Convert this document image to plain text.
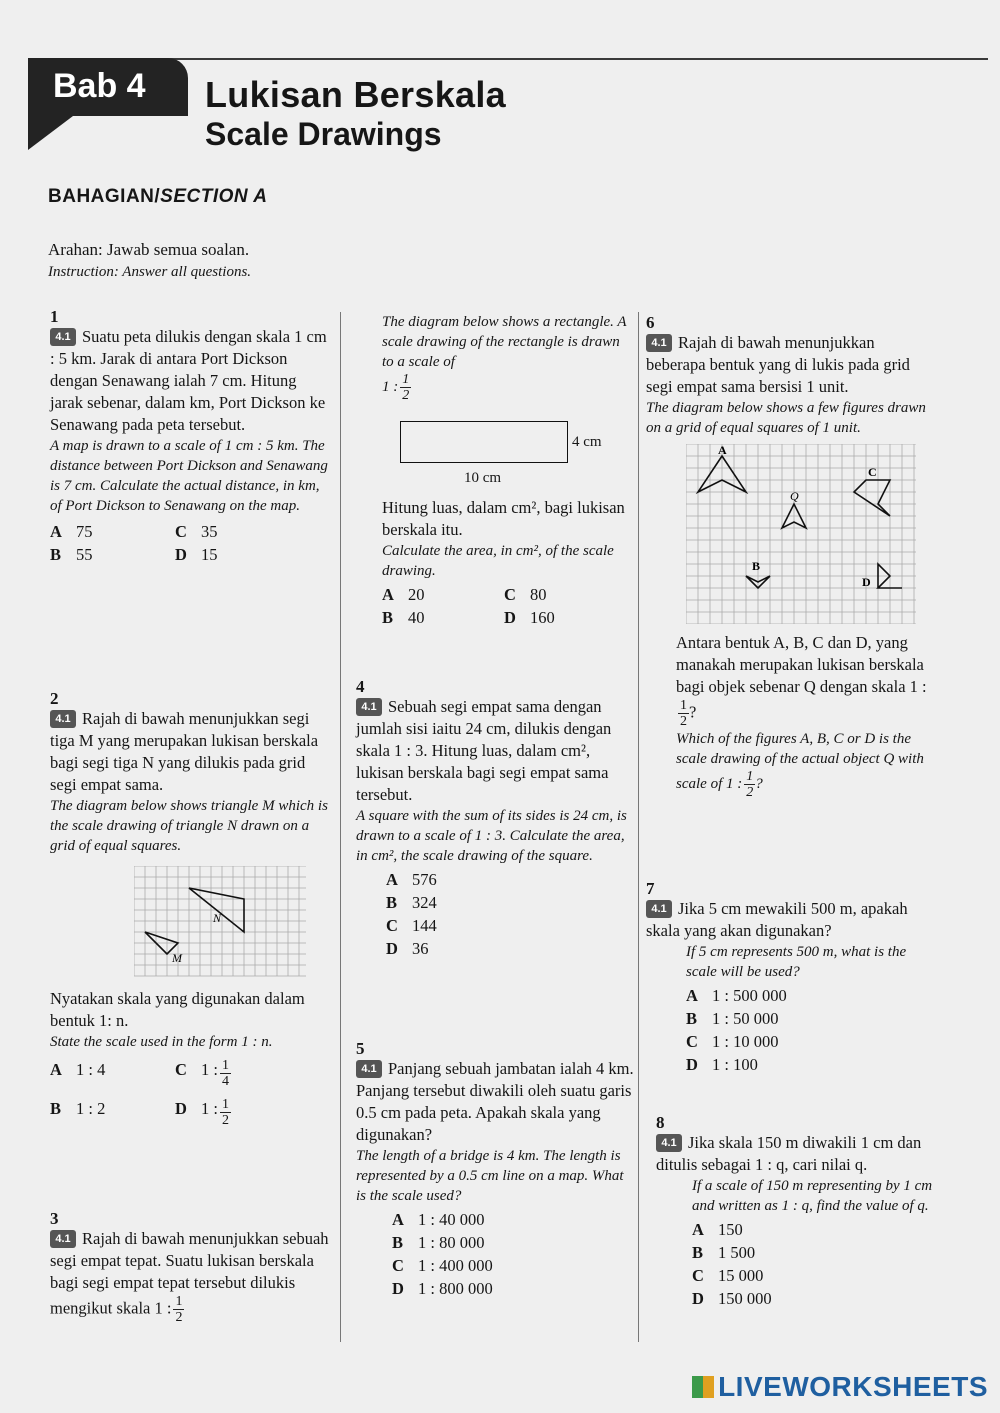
Bab 4	Lukisan Berskala
Scale Drawings
BAHAGIAN/SECTION A
Arahan: Jawab semua soalan.
Instruction: Answer all questions.

1

4.1 Suatu peta dilukis dengan skala 1 cm : 5 km. Jarak di antara Port Dickson dengan Senawang ialah 7 cm. Hitung jarak sebenar, dalam km, Port Dickson ke Senawang pada peta tersebut.

A map is drawn to a scale of 1 cm : 5 km. The distance between Port Dickson and Senawang is 7 cm. Calculate the actual distance, in km, of Port Dickson to Senawang on the map.

A 75	C 35
B 55	D 15

2

4.1 Rajah di bawah menunjukkan segi tiga M yang merupakan lukisan berskala bagi segi tiga N yang dilukis pada grid segi empat sama.

The diagram below shows triangle M which is the scale drawing of triangle N drawn on a grid of equal squares.

N
M

Nyatakan skala yang digunakan dalam bentuk 1: n.

State the scale used in the form 1 : n.

A 1 : 4	C 1 : $\frac{1}{4}$
B 1 : 2	D 1 : $\frac{1}{2}$

3

4.1 Rajah di bawah menunjukkan sebuah segi empat tepat. Suatu lukisan berskala bagi segi empat tepat tersebut dilukis mengikut skala 1 : $\frac{1}{2}$

The diagram below shows a rectangle. A scale drawing of the rectangle is drawn to a scale of

1 : $\frac{1}{2}$

4 cm
10 cm

Hitung luas, dalam cm², bagi lukisan berskala itu.

Calculate the area, in cm², of the scale drawing.

A 20	C 80
B 40	D 160

4

4.1 Sebuah segi empat sama dengan jumlah sisi iaitu 24 cm, dilukis dengan skala 1 : 3. Hitung luas, dalam cm², lukisan berskala bagi segi empat sama tersebut.

A square with the sum of its sides is 24 cm, is drawn to a scale of 1 : 3. Calculate the area, in cm², the scale drawing of the square.

A 576
B 324
C 144
D 36

5

4.1 Panjang sebuah jambatan ialah 4 km. Panjang tersebut diwakili oleh suatu garis 0.5 cm pada peta. Apakah skala yang digunakan?

The length of a bridge is 4 km. The length is represented by a 0.5 cm line on a map. What is the scale used?

A 1 : 40 000
B 1 : 80 000
C 1 : 400 000
D 1 : 800 000

6

4.1 Rajah di bawah menunjukkan beberapa bentuk yang di lukis pada grid segi empat sama bersisi 1 unit.

The diagram below shows a few figures drawn on a grid of equal squares of 1 unit.

A
Q
C
B
D

Antara bentuk A, B, C dan D, yang manakah merupakan lukisan berskala bagi objek sebenar Q dengan skala 1 :
$\frac{1}{2}$ ?

Which of the figures A, B, C or D is the scale drawing of the actual object Q with scale of 1 : $\frac{1}{2}$ ?

7

4.1 Jika 5 cm mewakili 500 m, apakah skala yang akan digunakan?

If 5 cm represents 500 m, what is the scale will be used?

A 1 : 500 000
B 1 : 50 000
C 1 : 10 000
D 1 : 100

8

4.1 Jika skala 150 m diwakili 1 cm dan ditulis sebagai 1 : q, cari nilai q.

If a scale of 150 m representing by 1 cm and written as 1 : q, find the value of q.

A 150
B 1 500
C 15 000
D 150 000
LIVEWORKSHEETS
